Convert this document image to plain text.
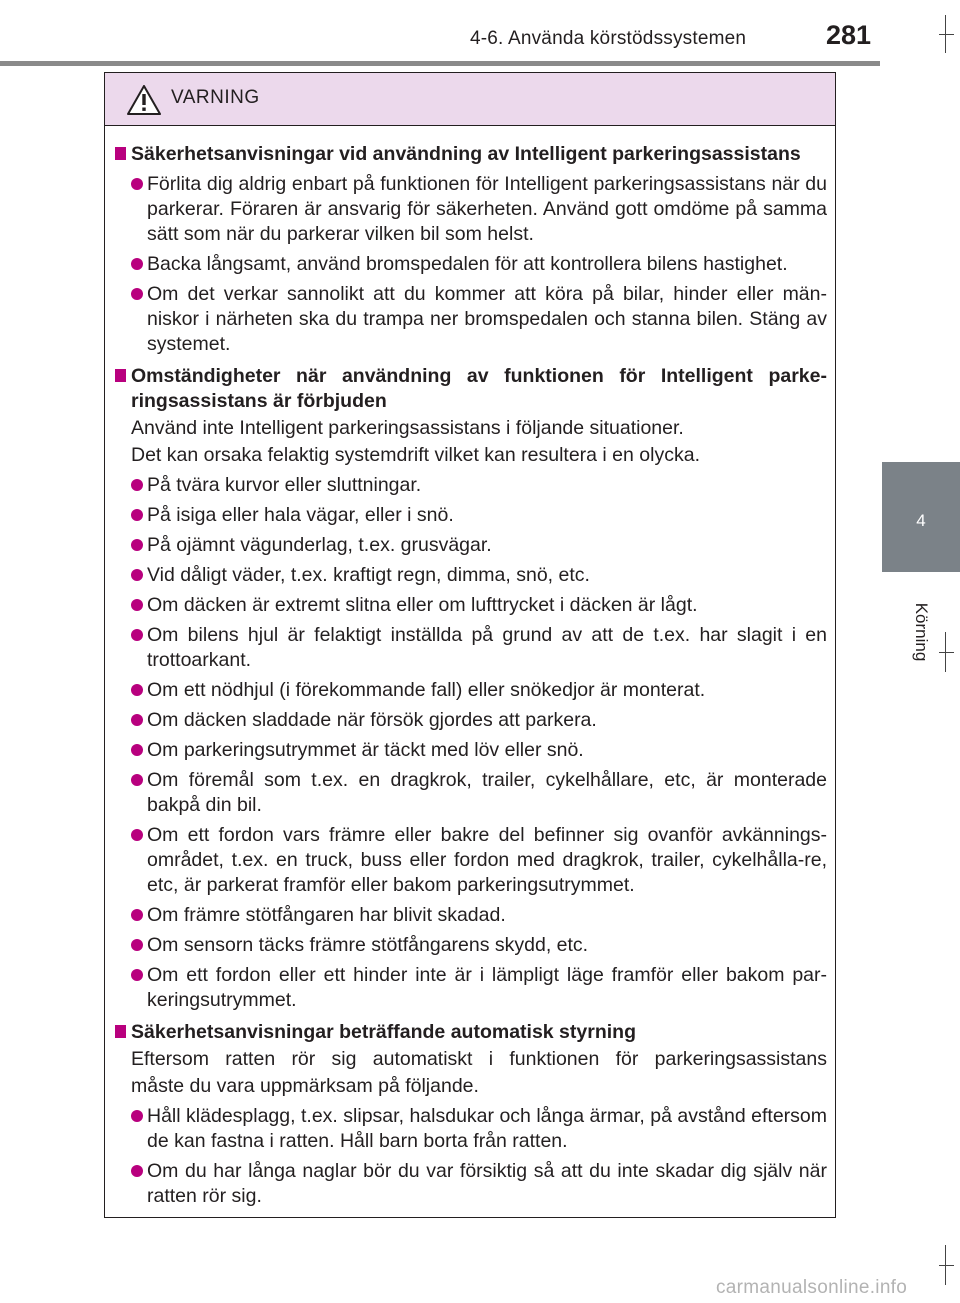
4-6. Använda körstödssystemen	281
4
Körning
VARNING
Säkerhetsanvisningar vid användning av Intelligent parkeringsassistans
Förlita dig aldrig enbart på funktionen för Intelligent parkeringsassistans när du parkerar. Föraren är ansvarig för säkerheten. Använd gott omdöme på samma sätt som när du parkerar vilken bil som helst.
Backa långsamt, använd bromspedalen för att kontrollera bilens hastighet.
Om det verkar sannolikt att du kommer att köra på bilar, hinder eller män-niskor i närheten ska du trampa ner bromspedalen och stanna bilen. Stäng av systemet.
Omständigheter när användning av funktionen för Intelligent parke-ringsassistans är förbjuden
Använd inte Intelligent parkeringsassistans i följande situationer.
Det kan orsaka felaktig systemdrift vilket kan resultera i en olycka.
På tvära kurvor eller sluttningar.
På isiga eller hala vägar, eller i snö.
På ojämnt vägunderlag, t.ex. grusvägar.
Vid dåligt väder, t.ex. kraftigt regn, dimma, snö, etc.
Om däcken är extremt slitna eller om lufttrycket i däcken är lågt.
Om bilens hjul är felaktigt inställda på grund av att de t.ex. har slagit i en trottoarkant.
Om ett nödhjul (i förekommande fall) eller snökedjor är monterat.
Om däcken sladdade när försök gjordes att parkera.
Om parkeringsutrymmet är täckt med löv eller snö.
Om föremål som t.ex. en dragkrok, trailer, cykelhållare, etc, är monterade bakpå din bil.
Om ett fordon vars främre eller bakre del befinner sig ovanför avkännings-området, t.ex. en truck, buss eller fordon med dragkrok, trailer, cykelhålla-re, etc, är parkerat framför eller bakom parkeringsutrymmet.
Om främre stötfångaren har blivit skadad.
Om sensorn täcks främre stötfångarens skydd, etc.
Om ett fordon eller ett hinder inte är i lämpligt läge framför eller bakom par-keringsutrymmet.
Säkerhetsanvisningar beträffande automatisk styrning
Eftersom ratten rör sig automatiskt i funktionen för parkeringsassistans
måste du vara uppmärksam på följande.
Håll klädesplagg, t.ex. slipsar, halsdukar och långa ärmar, på avstånd eftersom de kan fastna i ratten. Håll barn borta från ratten.
Om du har långa naglar bör du var försiktig så att du inte skadar dig själv när ratten rör sig.
carmanualsonline.info
